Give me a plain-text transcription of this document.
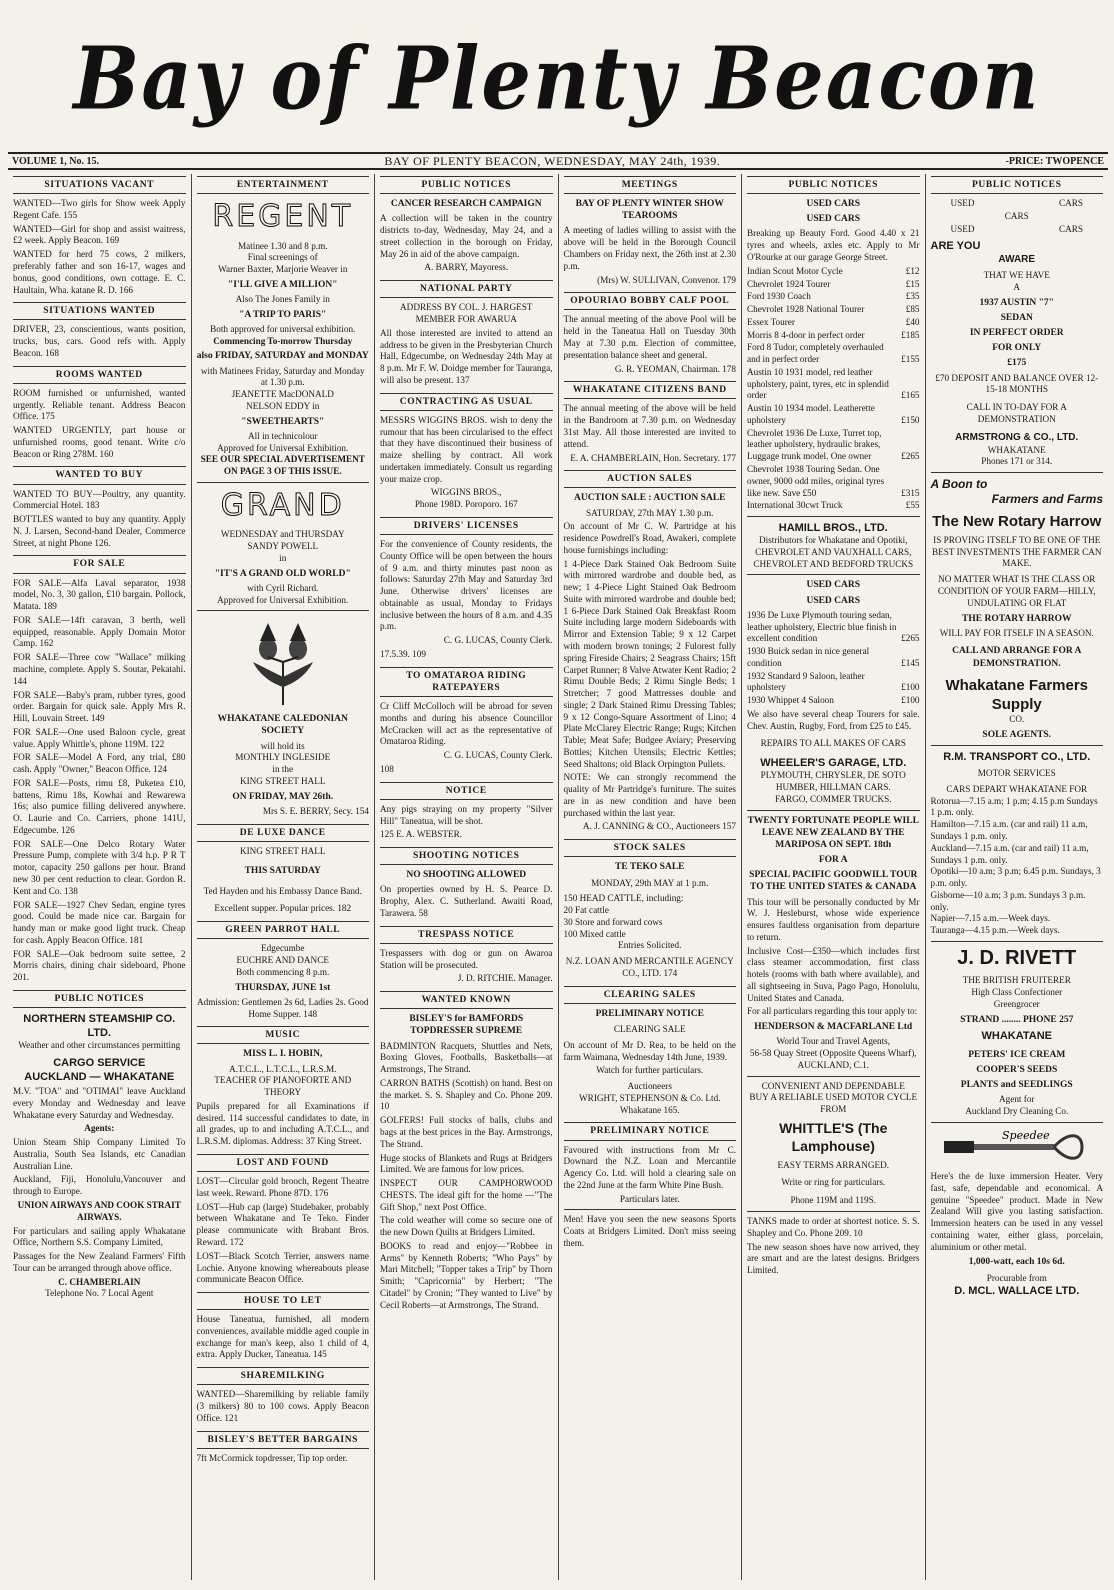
Bay of Plenty Beacon
VOLUME 1, No. 15.	BAY OF PLENTY BEACON, WEDNESDAY, MAY 24th, 1939.	-PRICE: TWOPENCE
SITUATIONS VACANT

WANTED—Two girls for Show week Apply Regent Cafe. 155

WANTED—Girl for shop and assist waitress, £2 week. Apply Beacon. 169

WANTED for herd 75 cows, 2 milkers, preferably father and son 16-17, wages and bonus, good conditions, own cottage. E. C. Haultain, Wha. katane R. D. 166

SITUATIONS WANTED

DRIVER, 23, conscientious, wants position, trucks, bus, cars. Good refs with. Apply Beacon. 168

ROOMS WANTED

ROOM furnished or unfurnished, wanted urgently. Reliable tenant. Address Beacon Office. 175

WANTED URGENTLY, part house or unfurnished rooms, good tenant. Write c/o Beacon or Ring 278M. 160

WANTED TO BUY

WANTED TO BUY—Poultry, any quantity. Commercial Hotel. 183

BOTTLES wanted to buy any quantity. Apply N. J. Larsen, Second-hand Dealer, Commerce Street, at night Phone 126.

FOR SALE

FOR SALE—Alfa Laval separator, 1938 model, No. 3, 30 gallon, £10 bargain. Pollock, Matata. 189

FOR SALE—14ft caravan, 3 berth, well equipped, reasonable. Apply Domain Motor Camp. 162

FOR SALE—Three cow "Wallace" milking machine, complete. Apply S. Soutar, Pekatahi. 144

FOR SALE—Baby's pram, rubber tyres, good order. Bargain for quick sale. Apply Mrs R. Hill, Louvain Street. 149

FOR SALE—One used Baloon cycle, great value. Apply Whittle's, phone 119M. 122

FOR SALE—Model A Ford, any trial, £80 cash. Apply "Owner," Beacon Office. 124

FOR SALE—Posts, rimu £8, Puketea £10, battens, Rimu 18s, Kowhai and Rewarewa 16s; also pumice filling delivered anywhere. O. Laurie and Co. Carriers, phone 141U, Edgecumbe. 126

FOR SALE—One Delco Rotary Water Pressure Pump, complete with 3/4 h.p. P R T motor, capacity 250 gallons per hour. Brand new 30 per cent reduction to clear. Gordon R. Kent and Co. 138

FOR SALE—1927 Chev Sedan, engine tyres good. Could be made nice car. Bargain for handy man or make good light truck. Cheap for cash. Apply Beacon Office. 181

FOR SALE—Oak bedroom suite settee, 2 Morris chairs, dining chair sideboard, Phone 201.

PUBLIC NOTICES
NORTHERN STEAMSHIP CO. LTD.
Weather and other circumstances permitting
CARGO SERVICE
AUCKLAND — WHAKATANE

M.V. "TOA" and "OTIMAI" leave Auckland every Monday and Wednesday and leave Whakatane every Saturday and Wednesday.

Agents:

Union Steam Ship Company Limited To Australia, South Sea Islands, etc Canadian Australian Line.

Auckland, Fiji, Honolulu,Vancouver and through to Europe.

UNION AIRWAYS AND COOK STRAIT AIRWAYS.

For particulars and sailing apply Whakatane Office, Northern S.S. Company Limited,

Passages for the New Zealand Farmers' Fifth Tour can be arranged through above office.

C. CHAMBERLAIN
Telephone No. 7 Local Agent
ENTERTAINMENT
REGENT
Matinee 1.30 and 8 p.m.
Final screenings of
Warner Baxter, Marjorie Weaver in
"I'LL GIVE A MILLION"
Also The Jones Family in
"A TRIP TO PARIS"
Both approved for universal exhibition.
Commencing To-morrow Thursday
also FRIDAY, SATURDAY and MONDAY
with Matinees Friday, Saturday and Monday at 1.30 p.m.
JEANETTE MacDONALD
NELSON EDDY in
"SWEETHEARTS"
All in technicolour
Approved for Universal Exhibition.
SEE OUR SPECIAL ADVERTISEMENT ON PAGE 3 OF THIS ISSUE.
GRAND
WEDNESDAY and THURSDAY
SANDY POWELL
in
"IT'S A GRAND OLD WORLD"
with Cyril Richard.
Approved for Universal Exhibition.
WHAKATANE CALEDONIAN SOCIETY
will hold its
MONTHLY INGLESIDE
in the
KING STREET HALL
ON FRIDAY, MAY 26th.
Mrs S. E. BERRY, Secy. 154
DE LUXE DANCE
KING STREET HALL
THIS SATURDAY
Ted Hayden and his Embassy Dance Band.
Excellent supper. Popular prices. 182
GREEN PARROT HALL
Edgecumbe
EUCHRE AND DANCE
Both commencing 8 p.m.
THURSDAY, JUNE 1st
Admission: Gentlemen 2s 6d, Ladies 2s. Good Home Supper. 148
MUSIC
MISS L. I. HOBIN,
A.T.C.L., L.T.C.L., L.R.S.M.
TEACHER OF PIANOFORTE AND THEORY

Pupils prepared for all Examinations if desired. 114 successful candidates to date, in all grades, up to and including A.T.C.L., and L.R.S.M. diplomas. Address: 37 King Street.

LOST AND FOUND

LOST—Circular gold brooch, Regent Theatre last week. Reward. Phone 87D. 176

LOST—Hub cap (large) Studebaker, probably between Whakatane and Te Teko. Finder please communicate with Brabant Bros. Reward. 172

LOST—Black Scotch Terrier, answers name Lochie. Anyone knowing whereabouts please communicate Beacon Office.

HOUSE TO LET

House Taneatua, furnished, all modern conveniences, available middle aged couple in exchange for man's keep, also 1 child of 4, extra. Apply Ducker, Taneatua. 145

SHAREMILKING

WANTED—Sharemilking by reliable family (3 milkers) 80 to 100 cows. Apply Beacon Office. 121

BISLEY'S BETTER BARGAINS

7ft McCormick topdresser, Tip top order.

PUBLIC NOTICES
CANCER RESEARCH CAMPAIGN

A collection will be taken in the country districts to-day, Wednesday, May 24, and a street collection in the borough on Friday, May 26 in aid of the above campaign.

A. BARRY, Mayoress.
NATIONAL PARTY
ADDRESS BY COL. J. HARGEST MEMBER FOR AWARUA

All those interested are invited to attend an address to be given in the Presbyterian Church Hall, Edgecumbe, on Wednesday 24th May at 8 p.m. Mr F. W. Doidge member for Tauranga, will also be present. 137

CONTRACTING AS USUAL

MESSRS WIGGINS BROS. wish to deny the rumour that has been circularised to the effect that they have discontinued their business of maize shelling by contract. All work undertaken immediately. Consult us regarding your maize crop.

WIGGINS BROS.,
Phone 198D. Poroporo. 167
DRIVERS' LICENSES

For the convenience of County residents, the County Office will be open between the hours of 9 a.m. and thirty minutes past noon as follows: Saturday 27th May and Saturday 3rd June. Otherwise drivers' licenses are obtainable as usual, Monday to Fridays inclusive between the hours of 8 a.m. and 4.35 p.m.

C. G. LUCAS, County Clerk.
17.5.39. 109
TO OMATAROA RIDING RATEPAYERS

Cr Cliff McColloch will be abroad for seven months and during his absence Councillor McCracken will act as the representative of Omataroa Riding.

C. G. LUCAS, County Clerk.
108
NOTICE

Any pigs straying on my property "Silver Hill" Taneatua, will be shot.

125 E. A. WEBSTER.
SHOOTING NOTICES
NO SHOOTING ALLOWED

On properties owned by H. S. Pearce D. Brophy, Alex. C. Sutherland. Awaiti Road, Tarawera. 58

TRESPASS NOTICE

Trespassers with dog or gun on Awaroa Station will be prosecuted.

J. D. RITCHIE. Manager.
WANTED KNOWN
BISLEY'S for BAMFORDS TOPDRESSER SUPREME

BADMINTON Racquets, Shuttles and Nets, Boxing Gloves, Footballs, Basketballs—at Armstrongs, The Strand.

CARRON BATHS (Scottish) on hand. Best on the market. S. S. Shapley and Co. Phone 209. 10

GOLFERS! Full stocks of balls, clubs and bags at the best prices in the Bay. Armstrongs, The Strand.

Huge stocks of Blankets and Rugs at Bridgers Limited. We are famous for low prices.

INSPECT OUR CAMPHORWOOD CHESTS. The ideal gift for the home —"The Gift Shop," next Post Office.

The cold weather will come so secure one of the new Down Quilts at Bridgers Limited.

BOOKS to read and enjoy—"Robbee in Arms" by Kenneth Roberts; "Who Pays" by Mari Mitchell; "Topper takes a Trip" by Thorn Smith; "Capricornia" by Herbert; "The Citadel" by Cronin; "They wanted to Live" by Cecil Roberts—at Armstrongs, The Strand.

MEETINGS
BAY OF PLENTY WINTER SHOW TEAROOMS

A meeting of ladies willing to assist with the above will be held in the Borough Council Chambers on Friday next, the 26th inst at 2.30 p.m.

(Mrs) W. SULLIVAN, Convenor. 179
OPOURIAO BOBBY CALF POOL

The annual meeting of the above Pool will be held in the Taneatua Hall on Tuesday 30th May at 7.30 p.m. Election of committee, presentation balance sheet and general.

G. R. YEOMAN, Chairman. 178
WHAKATANE CITIZENS BAND

The annual meeting of the above will be held in the Bandroom at 7.30 p.m. on Wednesday 31st May. All those interested are invited to attend.

E. A. CHAMBERLAIN, Hon. Secretary. 177
AUCTION SALES
AUCTION SALE : AUCTION SALE
SATURDAY, 27th MAY 1.30 p.m.

On account of Mr C. W. Partridge at his residence Powdrell's Road, Awakeri, complete house furnishings including:

1 4-Piece Dark Stained Oak Bedroom Suite with mirrored wardrobe and double bed, as new; 1 4-Piece Light Stained Oak Bedroom Suite with mirrored wardrobe and double bed; 1 6-Piece Dark Stained Oak Breakfast Room Suite including large modern Sideboards with Mirror and Extension Table; 9 x 12 Carpet with modern brown tonings; 2 Fulorest fully spring Fireside Chairs; 2 Seagrass Chairs; 15ft Carpet Runner; 8 Valve Atwater Kent Radio; 2 Rimu Double Beds; 2 Rimu Single Beds; 1 Stretcher; 7 good Mattresses double and single; 2 Dark Stained Rimu Dressing Tables; 9 x 12 Congo-Square Assortment of Lino; 4 Plate McClarey Electric Range; Rugs; Kitchen Table; Meat Safe; Budgee Aviary; Preserving Bottles; Kitchen Utensils; Electric Kettles; Seed Shaltons; old Black Orpington Pullets.

NOTE: We can strongly recommend the quality of Mr Partridge's furniture. The suites are in as new condition and have been purchased within the last year.

A. J. CANNING & CO., Auctioneers 157
STOCK SALES
TE TEKO SALE
MONDAY, 29th MAY at 1 p.m.
150 HEAD CATTLE, including:
20 Fat cattle
30 Store and forward cows
100 Mixed cattle
Entries Solicited.
N.Z. LOAN AND MERCANTILE AGENCY CO., LTD. 174
CLEARING SALES
PRELIMINARY NOTICE
CLEARING SALE

On account of Mr D. Rea, to be held on the farm Waimana, Wednesday 14th June, 1939.

Watch for further particulars.
Auctioneers
WRIGHT, STEPHENSON & Co. Ltd. Whakatane 165.
PRELIMINARY NOTICE

Favoured with instructions from Mr C. Downard the N.Z. Loan and Mercantile Agency Co. Ltd. will hold a clearing sale on the 22nd June at the farm White Pine Bush.

Particulars later.

Men! Have you seen the new seasons Sports Coats at Bridgers Limited. Don't miss seeing them.

PUBLIC NOTICES
USED CARS
USED CARS

Breaking up Beauty Ford. Good 4.40 x 21 tyres and wheels, axles etc. Apply to Mr O'Rourke at our garage George Street.

Indian Scout Motor Cycle	£12
Chevrolet 1924 Tourer	£15
Ford 1930 Coach	£35
Chevrolet 1928 National Tourer	£85
Essex Tourer	£40
Morris 8 4-door in perfect order	£185
Ford 8 Tudor, completely overhauled and in perfect order	£155
Austin 10 1931 model, red leather upholstery, paint, tyres, etc in splendid order	£165
Austin 10 1934 model. Leatherette upholstery	£150
Chevrolet 1936 De Luxe, Turret top, leather upholstery, hydraulic brakes, Luggage trunk model. One owner	£265
Chevrolet 1938 Touring Sedan. One owner, 9000 odd miles, original tyres like new. Save £50	£315
International 30cwt Truck	£55
HAMILL BROS., LTD.
Distributors for Whakatane and Opotiki,
CHEVROLET AND VAUXHALL CARS,
CHEVROLET AND BEDFORD TRUCKS
USED CARS
USED CARS
1936 De Luxe Plymouth touring sedan, leather upholstery, Electric blue finish in excellent condition	£265
1930 Buick sedan in nice general condition	£145
1932 Standard 9 Saloon, leather upholstery	£100
1930 Whippet 4 Saloon	£100

We also have several cheap Tourers for sale. Chev. Austin, Rugby, Ford, from £25 to £45.

REPAIRS TO ALL MAKES OF CARS
WHEELER'S GARAGE, LTD.
PLYMOUTH, CHRYSLER, DE SOTO HUMBER, HILLMAN CARS.
FARGO, COMMER TRUCKS.
TWENTY FORTUNATE PEOPLE WILL LEAVE NEW ZEALAND BY THE MARIPOSA ON SEPT. 18th
FOR A
SPECIAL PACIFIC GOODWILL TOUR TO THE UNITED STATES & CANADA

This tour will be personally conducted by Mr W. J. Hesleburst, whose wide experience ensures faultless organisation from departure to return.

Inclusive Cost—£350—which includes first class steamer accommodation, first class hotels (rooms with bath where available), and all sightseeing in Suva, Pago Pago, Honolulu, United States and Canada.

For all particulars regarding this tour apply to:

HENDERSON & MACFARLANE Ltd
World Tour and Travel Agents,
56-58 Quay Street (Opposite Queens Wharf), AUCKLAND, C.1.
CONVENIENT AND DEPENDABLE
BUY A RELIABLE USED MOTOR CYCLE FROM
WHITTLE'S (The Lamphouse)
EASY TERMS ARRANGED.
Write or ring for particulars.
Phone 119M and 119S.

TANKS made to order at shortest notice. S. S. Shapley and Co. Phone 209. 10

The new season shoes have now arrived, they are smart and are the latest designs. Bridgers Limited.

PUBLIC NOTICES
USED	CARS
CARS
USED	CARS
ARE YOU
AWARE
THAT WE HAVE
A
1937 AUSTIN "7"
SEDAN
IN PERFECT ORDER
FOR ONLY
£175
£70 DEPOSIT AND BALANCE OVER 12-15-18 MONTHS
CALL IN TO-DAY FOR A DEMONSTRATION
ARMSTRONG & CO., LTD.
WHAKATANE
Phones 171 or 314.
A Boon to
Farmers and Farms
The New Rotary Harrow
IS PROVING ITSELF TO BE ONE OF THE BEST INVESTMENTS THE FARMER CAN MAKE.
NO MATTER WHAT IS THE CLASS OR CONDITION OF YOUR FARM—HILLY, UNDULATING OR FLAT
THE ROTARY HARROW
WILL PAY FOR ITSELF IN A SEASON.
CALL AND ARRANGE FOR A DEMONSTRATION.
Whakatane Farmers Supply
CO.
SOLE AGENTS.
R.M. TRANSPORT CO., LTD.
MOTOR SERVICES
CARS DEPART WHAKATANE FOR
Rotorua—7.15 a.m; 1 p.m; 4.15 p.m Sundays 1 p.m. only.
Hamilton—7.15 a.m. (car and rail) 11 a.m, Sundays 1 p.m. only.
Auckland—7.15 a.m. (car and rail) 11 a.m, Sundays 1 p.m. only.
Opotiki—10 a.m; 3 p.m; 6.45 p.m. Sundays, 3 p.m. only.
Gisborne—10 a.m; 3 p.m. Sundays 3 p.m. only.
Napier—7.15 a.m.—Week days.
Tauranga—4.15 p.m.—Week days.
J. D. RIVETT
THE BRITISH FRUITERER
High Class Confectioner
Greengrocer
STRAND ........ PHONE 257
WHAKATANE
PETERS' ICE CREAM
COOPER'S SEEDS
PLANTS and SEEDLINGS
Agent for
Auckland Dry Cleaning Co.
Speedee

Here's the de luxe immersion Heater. Very fast, safe, dependable and economical. A genuine "Speedee" product. Made in New Zealand Will give you lasting satisfaction. Immersion heaters can be used in any vessel containing water, either glass, porcelain, aluminium or other metal.

1,000-watt, each 10s 6d.
Procurable from
D. MCL. WALLACE LTD.
